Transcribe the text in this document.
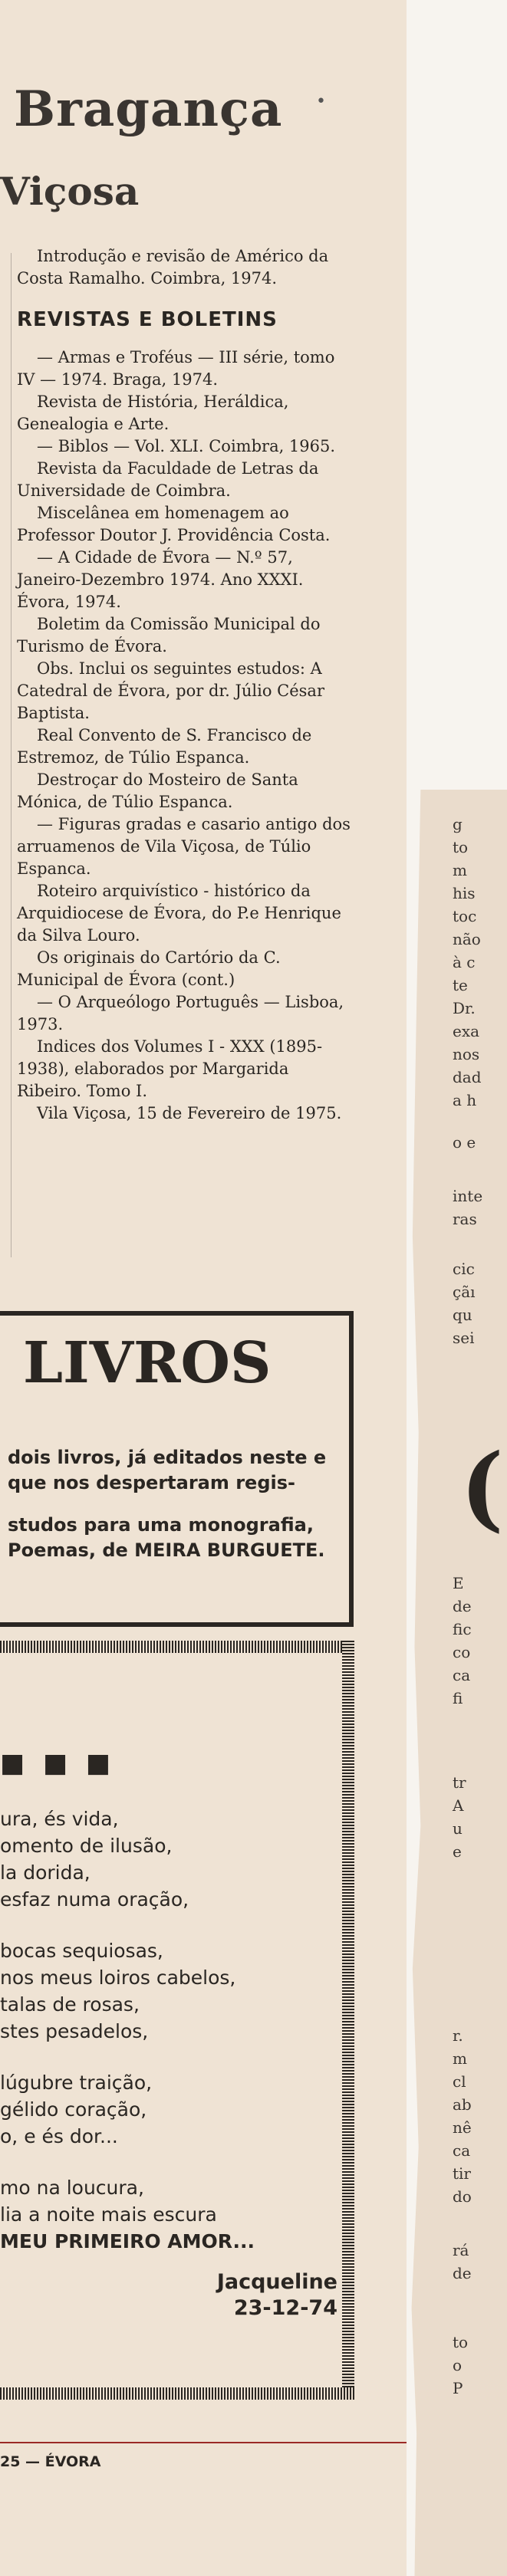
Bragança •
Viçosa

Introdução e revisão de Américo da Costa Ramalho. Coimbra, 1974.

REVISTAS E BOLETINS

— Armas e Troféus — III série, tomo IV — 1974. Braga, 1974.

Revista de História, Heráldica, Genealogia e Arte.

— Biblos — Vol. XLI. Coimbra, 1965.

Revista da Faculdade de Letras da Universidade de Coimbra.

Miscelânea em homenagem ao Professor Doutor J. Providência Costa.

— A Cidade de Évora — N.º 57, Janeiro-Dezembro 1974. Ano XXXI. Évora, 1974.

Boletim da Comissão Municipal do Turismo de Évora.

Obs. Inclui os seguintes estudos: A Catedral de Évora, por dr. Júlio César Baptista.

Real Convento de S. Francisco de Estremoz, de Túlio Espanca.

Destroçar do Mosteiro de Santa Mónica, de Túlio Espanca.

— Figuras gradas e casario antigo dos arruamenos de Vila Viçosa, de Túlio Espanca.

Roteiro arquivístico - histórico da Arquidiocese de Évora, do P.e Henrique da Silva Louro.

Os originais do Cartório da C. Municipal de Évora (cont.)

— O Arqueólogo Português — Lisboa, 1973.

Indices dos Volumes I - XXX (1895-1938), elaborados por Margarida Ribeiro. Tomo I.

Vila Viçosa, 15 de Fevereiro de 1975.

LIVROS

dois livros, já editados neste e que nos despertaram regis-

studos para uma monografia, Poemas, de MEIRA BURGUETE.

■ ■ ■

ura, és vida,

omento de ilusão,

la dorida,

esfaz numa oração,

bocas sequiosas,

nos meus loiros cabelos,

talas de rosas,

stes pesadelos,

lúgubre traição,

gélido coração,

o, e és dor...

mo na loucura,

lia a noite mais escura

MEU PRIMEIRO AMOR...

Jacqueline
23-12-74
25 — ÉVORA
g
to
m
his
toc
não
à c
te
Dr.
exa
nos
dad
a h
o e
inte
ras
cic
çãı
qu
sei
(
E
de
fic
co
ca
fi
tr
A
u
e
r.
m
cl
ab
nê
ca
tir
do
rá
de
to
o
P
